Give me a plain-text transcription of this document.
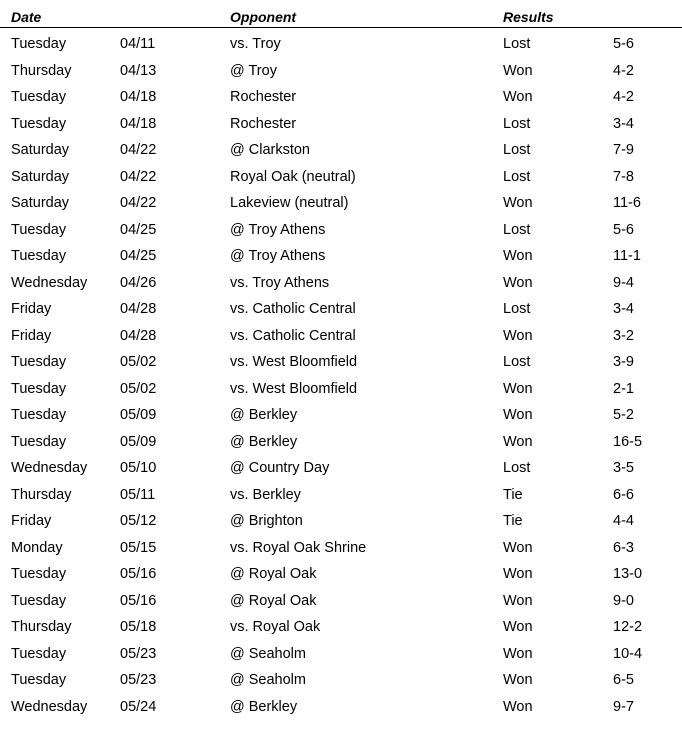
Date	Opponent	Results
Tuesday	04/11	vs. Troy	Lost	5-6
Thursday	04/13	@ Troy	Won	4-2
Tuesday	04/18	Rochester	Won	4-2
Tuesday	04/18	Rochester	Lost	3-4
Saturday	04/22	@ Clarkston	Lost	7-9
Saturday	04/22	Royal Oak (neutral)	Lost	7-8
Saturday	04/22	Lakeview (neutral)	Won	11-6
Tuesday	04/25	@ Troy Athens	Lost	5-6
Tuesday	04/25	@ Troy Athens	Won	11-1
Wednesday 04/26	vs. Troy Athens	Won	9-4
Friday	04/28	vs. Catholic Central	Lost	3-4
Friday	04/28	vs. Catholic Central	Won	3-2
Tuesday	05/02	vs. West Bloomfield	Lost	3-9
Tuesday	05/02	vs. West Bloomfield	Won	2-1
Tuesday	05/09	@ Berkley	Won	5-2
Tuesday	05/09	@ Berkley	Won	16-5
Wednesday 05/10	@ Country Day	Lost	3-5
Thursday	05/11	vs. Berkley	Tie	6-6
Friday	05/12	@ Brighton	Tie	4-4
Monday	05/15	vs. Royal Oak Shrine	Won	6-3
Tuesday	05/16	@ Royal Oak	Won	13-0
Tuesday	05/16	@ Royal Oak	Won	9-0
Thursday	05/18	vs. Royal Oak	Won	12-2
Tuesday	05/23	@ Seaholm	Won	10-4
Tuesday	05/23	@ Seaholm	Won	6-5
Wednesday 05/24	@ Berkley	Won	9-7
